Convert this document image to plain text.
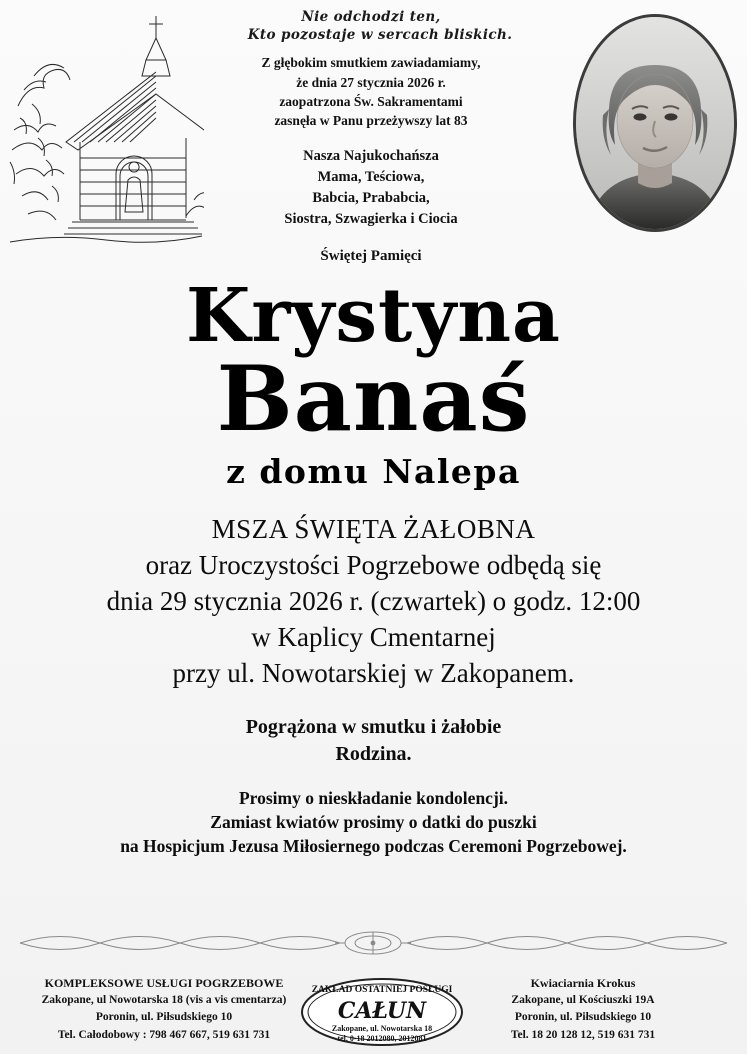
Nie odchodzi ten,
Kto pozostaje w sercach bliskich.
Z głębokim smutkiem zawiadamiamy,
że dnia 27 stycznia 2026 r.
zaopatrzona Św. Sakramentami
zasnęła w Panu przeżywszy lat 83
Nasza Najukochańsza
Mama, Teściowa,
Babcia, Prababcia,
Siostra, Szwagierka i Ciocia
Świętej Pamięci
Krystyna
Banaś
z domu Nalepa
MSZA ŚWIĘTA ŻAŁOBNA
oraz Uroczystości Pogrzebowe odbędą się
dnia 29 stycznia 2026 r. (czwartek) o godz. 12:00
w Kaplicy Cmentarnej
przy ul. Nowotarskiej w Zakopanem.
Pogrążona w smutku i żałobie
Rodzina.
Prosimy o nieskładanie kondolencji.
Zamiast kwiatów prosimy o datki do puszki
na Hospicjum Jezusa Miłosiernego podczas Ceremoni Pogrzebowej.
KOMPLEKSOWE USŁUGI POGRZEBOWE
Zakopane, ul Nowotarska 18 (vis a vis cmentarza)
Poronin, ul. Piłsudskiego 10
Tel. Całodobowy : 798 467 667, 519 631 731
ZAKŁAD OSTATNIEJ POSŁUGI
CAŁUN
Zakopane, ul. Nowotarska 18
tel. 0-18 2012080, 2012081
Kwiaciarnia Krokus
Zakopane, ul Kościuszki 19A
Poronin, ul. Piłsudskiego 10
Tel. 18 20 128 12, 519 631 731
